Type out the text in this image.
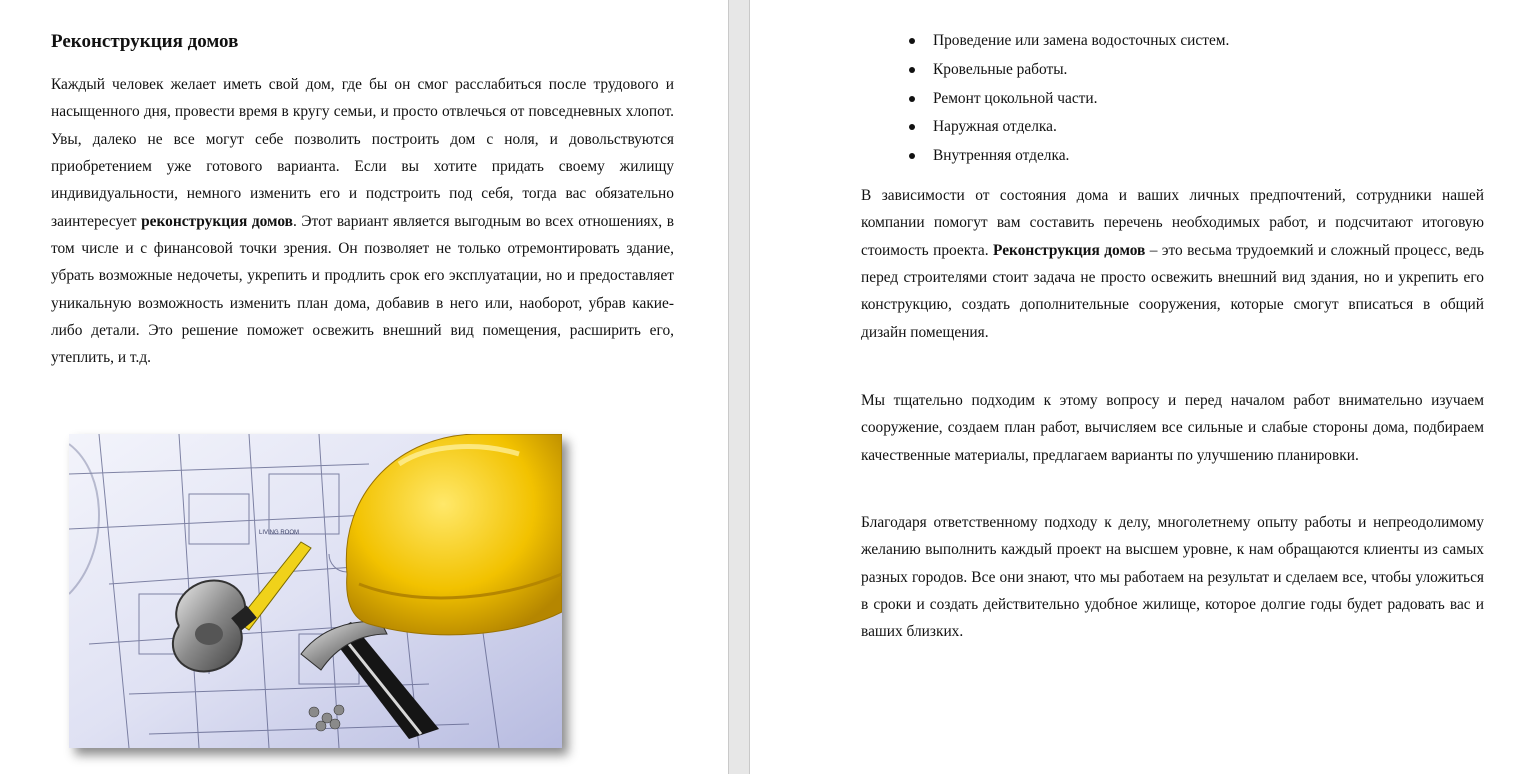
Реконструкция домов

Каждый человек желает иметь свой дом, где бы он смог расслабиться после трудового и насыщенного дня, провести время в кругу семьи, и просто отвлечься от повседневных хлопот. Увы, далеко не все могут себе позволить построить дом с ноля, и довольствуются приобретением уже готового варианта. Если вы хотите придать своему жилищу индивидуальности, немного изменить его и подстроить под себя, тогда вас обязательно заинтересует реконструкция домов. Этот вариант является выгодным во всех отношениях, в том числе и с финансовой точки зрения. Он позволяет не только отремонтировать здание, убрать возможные недочеты, укрепить и продлить срок его эксплуатации, но и предоставляет уникальную возможность изменить план дома, добавив в него или, наоборот, убрав какие-либо детали. Это решение поможет освежить внешний вид помещения, расширить его, утеплить, и т.д.

LIVING ROOM
Проведение или замена водосточных систем.
Кровельные работы.
Ремонт цокольной части.
Наружная отделка.
Внутренняя отделка.

В зависимости от состояния дома и ваших личных предпочтений, сотрудники нашей компании помогут вам составить перечень необходимых работ, и подсчитают итоговую стоимость проекта. Реконструкция домов – это весьма трудоемкий и сложный процесс, ведь перед строителями стоит задача не просто освежить внешний вид здания, но и укрепить его конструкцию, создать дополнительные сооружения, которые смогут вписаться в общий дизайн помещения.

Мы тщательно подходим к этому вопросу и перед началом работ внимательно изучаем сооружение, создаем план работ, вычисляем все сильные и слабые стороны дома, подбираем качественные материалы, предлагаем варианты по улучшению планировки.

Благодаря ответственному подходу к делу, многолетнему опыту работы и непреодолимому желанию выполнить каждый проект на высшем уровне, к нам обращаются клиенты из самых разных городов. Все они знают, что мы работаем на результат и сделаем все, чтобы уложиться в сроки и создать действительно удобное жилище, которое долгие годы будет радовать вас и ваших близких.
